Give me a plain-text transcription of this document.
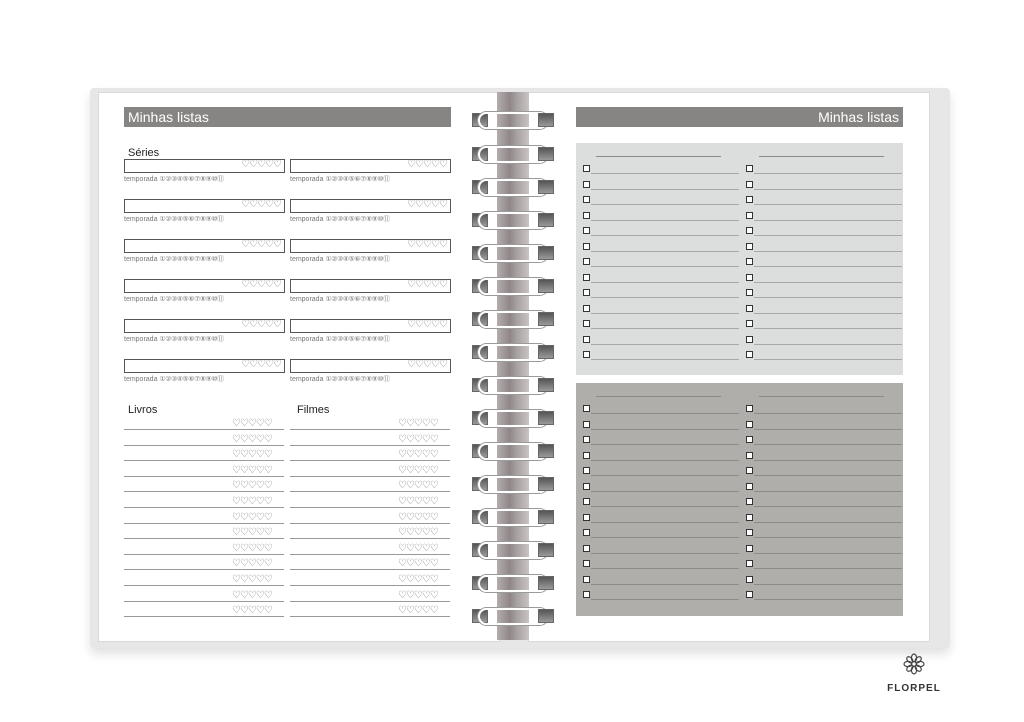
Minhas listas	Minhas listas
Séries
Livros	Filmes
FLORPEL
♡♡♡♡♡
temporada ①②③④⑤⑥⑦⑧⑨⑩⑪
♡♡♡♡♡
temporada ①②③④⑤⑥⑦⑧⑨⑩⑪
♡♡♡♡♡
temporada ①②③④⑤⑥⑦⑧⑨⑩⑪
♡♡♡♡♡
temporada ①②③④⑤⑥⑦⑧⑨⑩⑪
♡♡♡♡♡
temporada ①②③④⑤⑥⑦⑧⑨⑩⑪
♡♡♡♡♡
temporada ①②③④⑤⑥⑦⑧⑨⑩⑪
♡♡♡♡♡
temporada ①②③④⑤⑥⑦⑧⑨⑩⑪
♡♡♡♡♡
temporada ①②③④⑤⑥⑦⑧⑨⑩⑪
♡♡♡♡♡
temporada ①②③④⑤⑥⑦⑧⑨⑩⑪
♡♡♡♡♡
temporada ①②③④⑤⑥⑦⑧⑨⑩⑪
♡♡♡♡♡
temporada ①②③④⑤⑥⑦⑧⑨⑩⑪
♡♡♡♡♡
temporada ①②③④⑤⑥⑦⑧⑨⑩⑪
♡♡♡♡♡	♡♡♡♡♡
♡♡♡♡♡	♡♡♡♡♡
♡♡♡♡♡	♡♡♡♡♡
♡♡♡♡♡	♡♡♡♡♡
♡♡♡♡♡	♡♡♡♡♡
♡♡♡♡♡	♡♡♡♡♡
♡♡♡♡♡	♡♡♡♡♡
♡♡♡♡♡	♡♡♡♡♡
♡♡♡♡♡	♡♡♡♡♡
♡♡♡♡♡	♡♡♡♡♡
♡♡♡♡♡	♡♡♡♡♡
♡♡♡♡♡	♡♡♡♡♡
♡♡♡♡♡	♡♡♡♡♡
